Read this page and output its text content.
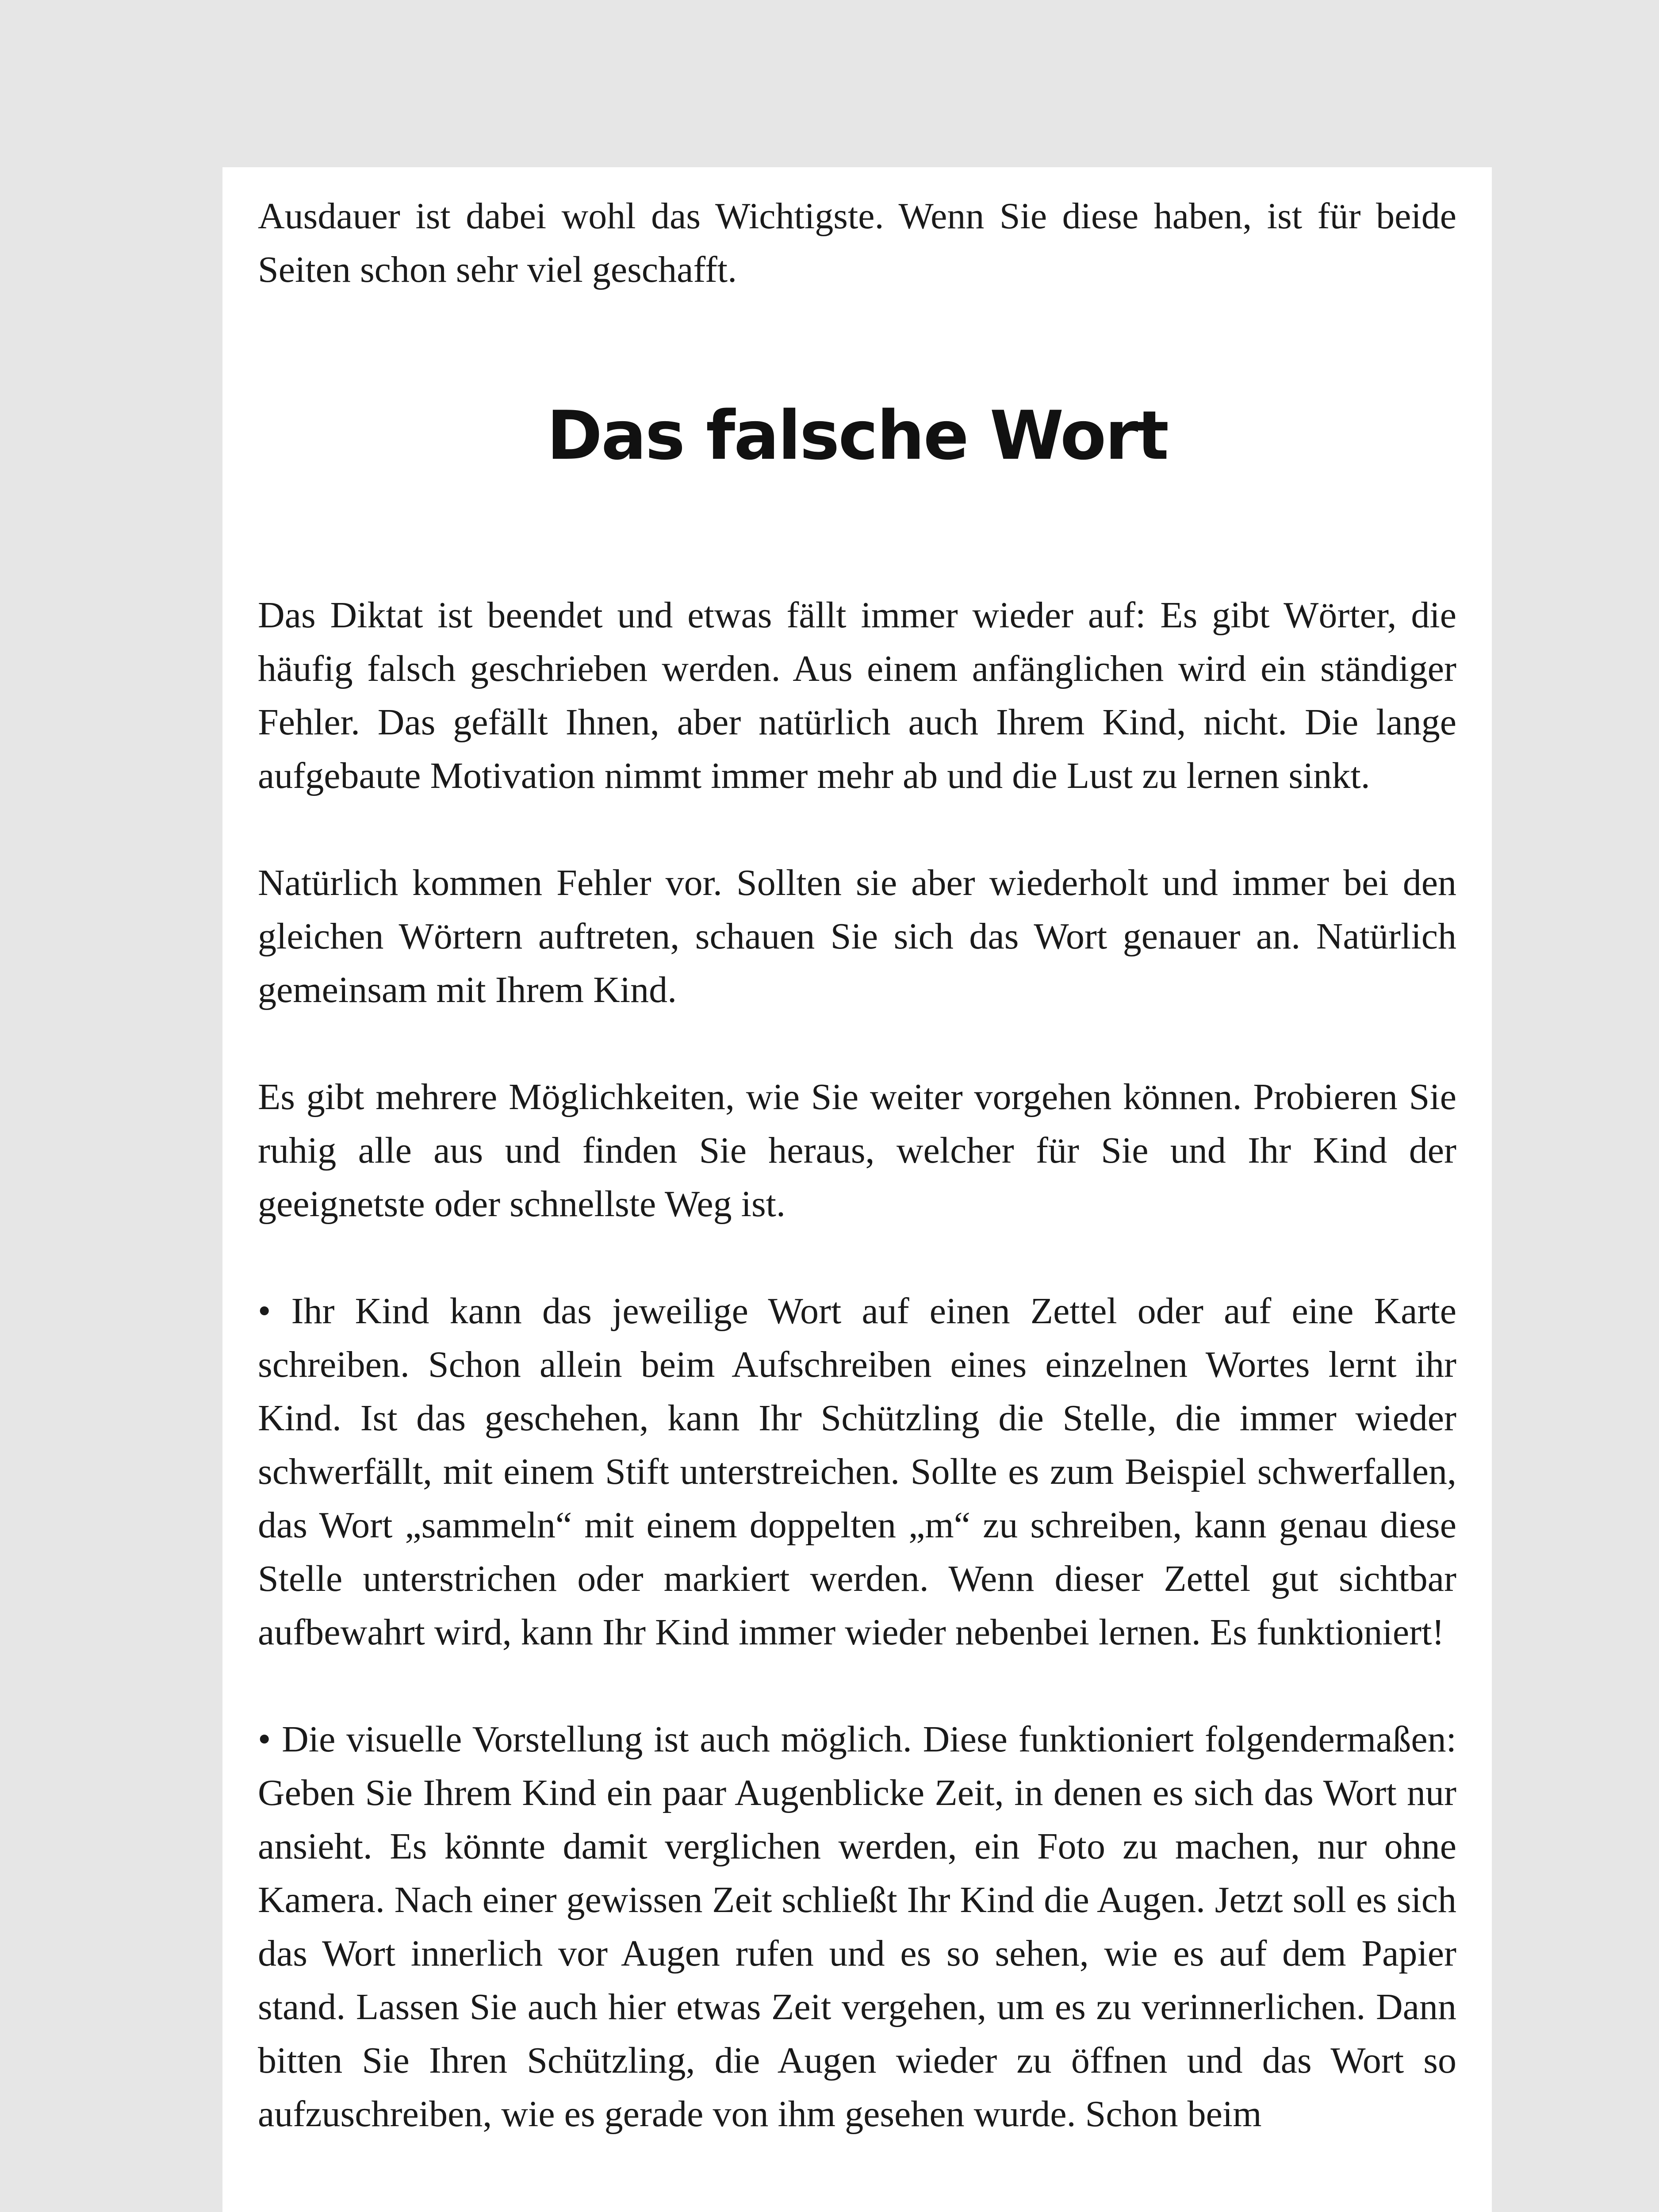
Ausdauer ist dabei wohl das Wichtigste. Wenn Sie diese haben, ist für beide Seiten schon sehr viel geschafft.

Das falsche Wort

Das Diktat ist beendet und etwas fällt immer wieder auf: Es gibt Wörter, die häufig falsch geschrieben werden. Aus einem anfänglichen wird ein ständiger Fehler. Das gefällt Ihnen, aber natürlich auch Ihrem Kind, nicht. Die lange aufgebaute Motivation nimmt immer mehr ab und die Lust zu lernen sinkt.

Natürlich kommen Fehler vor. Sollten sie aber wiederholt und immer bei den gleichen Wörtern auftreten, schauen Sie sich das Wort genauer an. Natürlich gemeinsam mit Ihrem Kind.

Es gibt mehrere Möglichkeiten, wie Sie weiter vorgehen können. Probieren Sie ruhig alle aus und finden Sie heraus, welcher für Sie und Ihr Kind der geeignetste oder schnellste Weg ist.

• Ihr Kind kann das jeweilige Wort auf einen Zettel oder auf eine Karte schreiben. Schon allein beim Aufschreiben eines einzelnen Wortes lernt ihr Kind. Ist das geschehen, kann Ihr Schützling die Stelle, die immer wieder schwerfällt, mit einem Stift unterstreichen. Sollte es zum Beispiel schwerfallen, das Wort „sammeln“ mit einem doppelten „m“ zu schreiben, kann genau diese Stelle unterstrichen oder markiert werden. Wenn dieser Zettel gut sichtbar aufbewahrt wird, kann Ihr Kind immer wieder nebenbei lernen. Es funktioniert!

• Die visuelle Vorstellung ist auch möglich. Diese funktioniert folgendermaßen: Geben Sie Ihrem Kind ein paar Augenblicke Zeit, in denen es sich das Wort nur ansieht. Es könnte damit verglichen werden, ein Foto zu machen, nur ohne Kamera. Nach einer gewissen Zeit schließt Ihr Kind die Augen. Jetzt soll es sich das Wort innerlich vor Augen rufen und es so sehen, wie es auf dem Papier stand. Lassen Sie auch hier etwas Zeit vergehen, um es zu verinnerlichen. Dann bitten Sie Ihren Schützling, die Augen wieder zu öffnen und das Wort so aufzuschreiben, wie es gerade von ihm gesehen wurde. Schon beim
